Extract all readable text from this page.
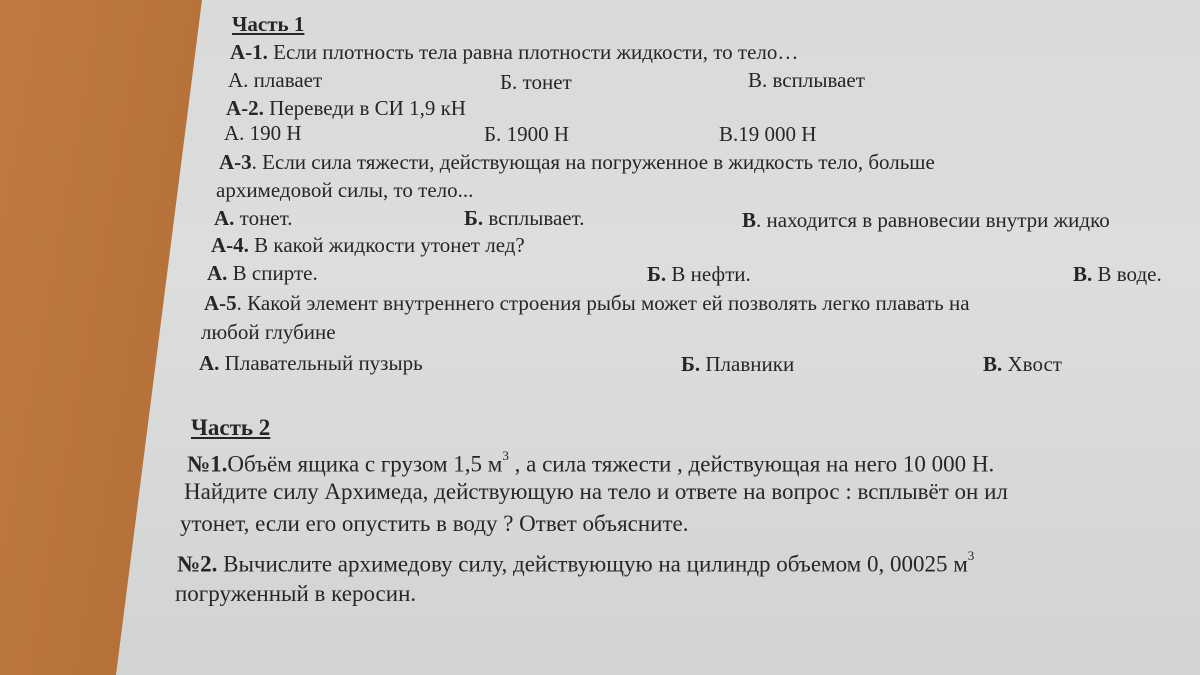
Часть 1
А-1. Если плотность тела равна плотности жидкости, то тело…
А. плавает	Б. тонет	В. всплывает
А-2. Переведи в СИ 1,9 кН
А. 190 Н	Б. 1900 Н	В.19 000 Н
А-3. Если сила тяжести, действующая на погруженное в жидкость тело, больше
архимедовой силы, то тело...
А. тонет.	Б. всплывает.	В. находится в равновесии внутри жидко
А-4. В какой жидкости утонет лед?
А. В спирте.	Б. В нефти.	В. В воде.
А-5. Какой элемент внутреннего строения рыбы может ей позволять легко плавать на
любой глубине
А. Плавательный пузырь	Б. Плавники	В. Хвост
Часть 2
№1.Объём ящика с грузом 1,5 $м^3$ , а сила тяжести , действующая на него 10 000 Н.
Найдите силу Архимеда, действующую на тело и ответе на вопрос : всплывёт он ил
утонет, если его опустить в воду ? Ответ объясните.
№2. Вычислите архимедову силу, действующую на цилиндр объемом 0, 00025 $м^3$
погруженный в керосин.
